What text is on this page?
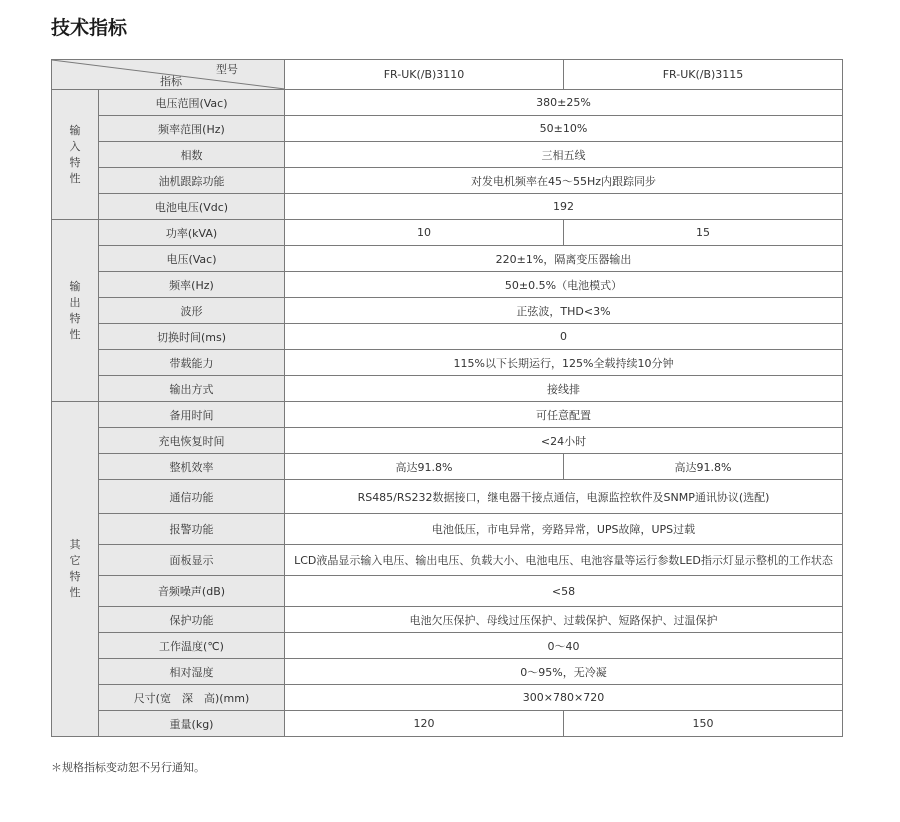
技术指标
型号
指标		FR-UK(/B)3110	FR-UK(/B)3115

输
入
特
性	电压范围(Vac)	380±25%	
	频率范围(Hz)	50±10%	
	相数	三相五线	
	油机跟踪功能	对发电机频率在45～55Hz内跟踪同步	
	电池电压(Vdc)	192	

输
出
特
性	功率(kVA)	10	15
	电压(Vac)	220±1%，隔离变压器输出	
	频率(Hz)	50±0.5%（电池模式）	
	波形	正弦波，THD<3%	
	切换时间(ms)	0	
	带载能力	115%以下长期运行，125%全载持续10分钟	
	输出方式	接线排	

其
它
特
性	备用时间	可任意配置	
	充电恢复时间	<24小时	
	整机效率	高达91.8%	高达91.8%
	通信功能	RS485/RS232数据接口，继电器干接点通信，电源监控软件及SNMP通讯协议(选配)	
	报警功能	电池低压，市电异常，旁路异常，UPS故障，UPS过载	
	面板显示	LCD液晶显示输入电压、输出电压、负载大小、电池电压、电池容量等运行参数LED指示灯显示整机的工作状态	
	音频噪声(dB)	<58	
	保护功能	电池欠压保护、母线过压保护、过载保护、短路保护、过温保护	
	工作温度(℃)	0～40	
	相对湿度	0～95%，无冷凝	
	尺寸(宽　深　高)(mm)	300×780×720	
	重量(kg)	120	150
＊规格指标变动恕不另行通知。
